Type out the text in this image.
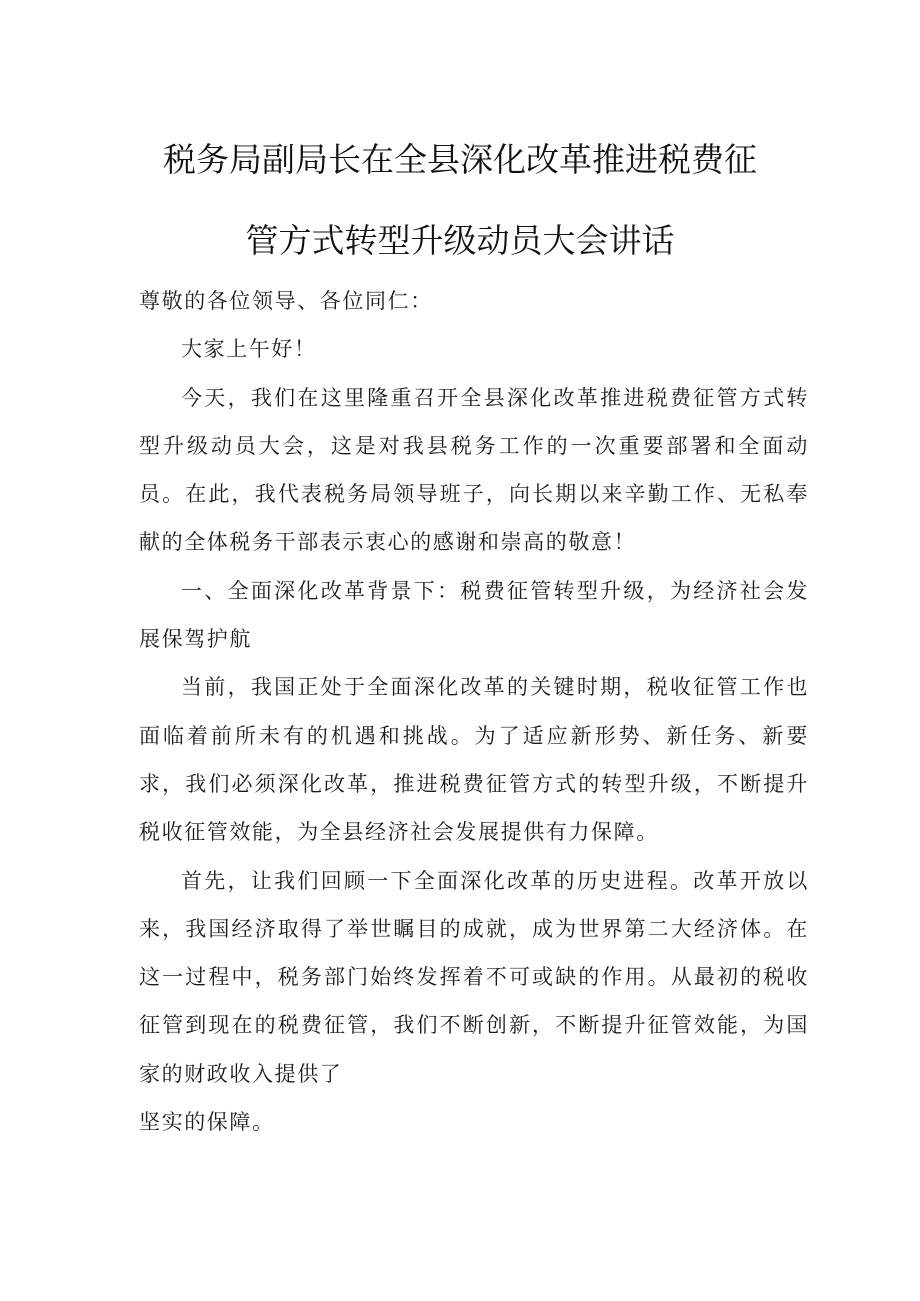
税务局副局长在全县深化改革推进税费征
管方式转型升级动员大会讲话

尊敬的各位领导、各位同仁：

大家上午好！

今天，我们在这里隆重召开全县深化改革推进税费征管方式转型升级动员大会，这是对我县税务工作的一次重要部署和全面动员。在此，我代表税务局领导班子，向长期以来辛勤工作、无私奉献的全体税务干部表示衷心的感谢和崇高的敬意！

一、全面深化改革背景下：税费征管转型升级，为经济社会发展保驾护航

当前，我国正处于全面深化改革的关键时期，税收征管工作也面临着前所未有的机遇和挑战。为了适应新形势、新任务、新要求，我们必须深化改革，推进税费征管方式的转型升级，不断提升税收征管效能，为全县经济社会发展提供有力保障。

首先，让我们回顾一下全面深化改革的历史进程。改革开放以来，我国经济取得了举世瞩目的成就，成为世界第二大经济体。在这一过程中，税务部门始终发挥着不可或缺的作用。从最初的税收征管到现在的税费征管，我们不断创新，不断提升征管效能，为国家的财政收入提供了

坚实的保障。
